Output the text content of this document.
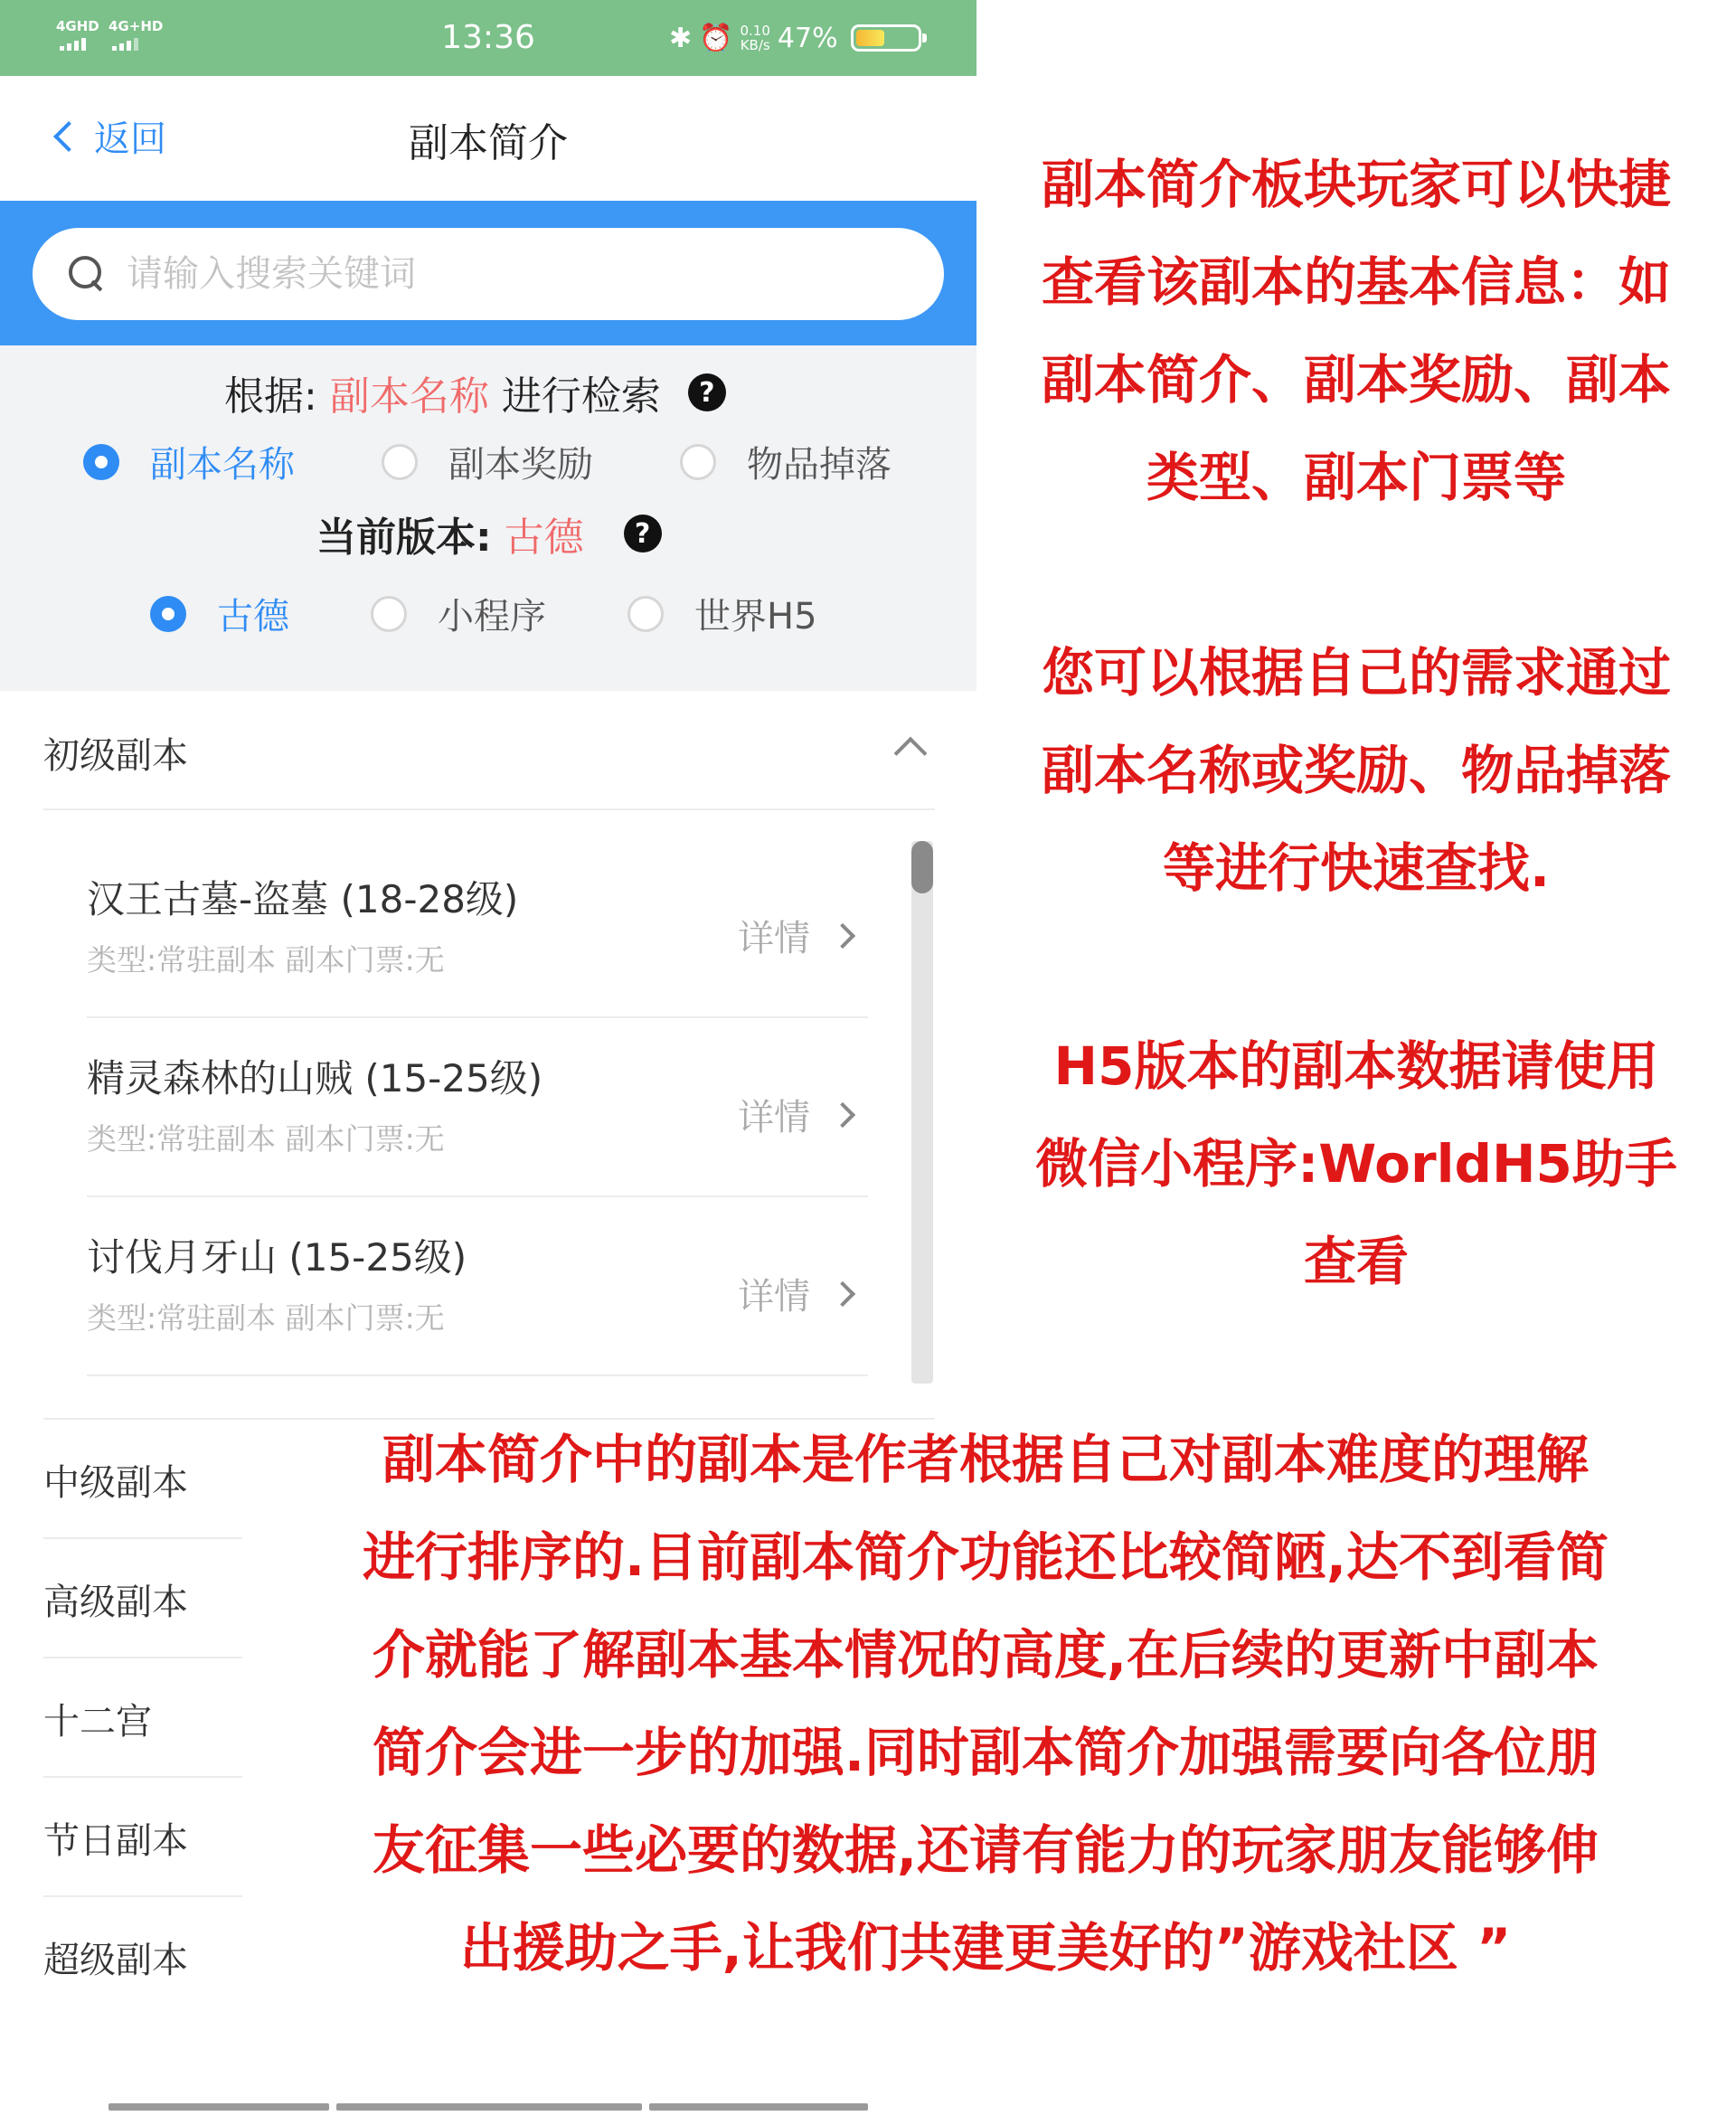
4GHD 4G+HD	13:36	✱ ⏰ 0.10
KB/s 47%
返回	副本简介
请输入搜索关键词
根据: 副本名称 进行检索	?
副本名称	副本奖励	物品掉落
当前版本: 古德	?
古德	小程序	世界H5
初级副本
汉王古墓-盗墓 (18-28级)
类型:常驻副本 副本门票:无
详情
精灵森林的山贼 (15-25级)
类型:常驻副本 副本门票:无
详情
讨伐月牙山 (15-25级)
类型:常驻副本 副本门票:无
详情
中级副本
高级副本
十二宫
节日副本
超级副本
副本简介板块玩家可以快捷
查看该副本的基本信息：如
副本简介、副本奖励、副本
类型、副本门票等
您可以根据自己的需求通过
副本名称或奖励、物品掉落
等进行快速查找.
H5版本的副本数据请使用
微信小程序:WorldH5助手
查看
副本简介中的副本是作者根据自己对副本难度的理解
进行排序的.目前副本简介功能还比较简陋,达不到看简
介就能了解副本基本情况的高度,在后续的更新中副本
简介会进一步的加强.同时副本简介加强需要向各位朋
友征集一些必要的数据,还请有能力的玩家朋友能够伸
出援助之手,让我们共建更美好的”游戏社区 ”
